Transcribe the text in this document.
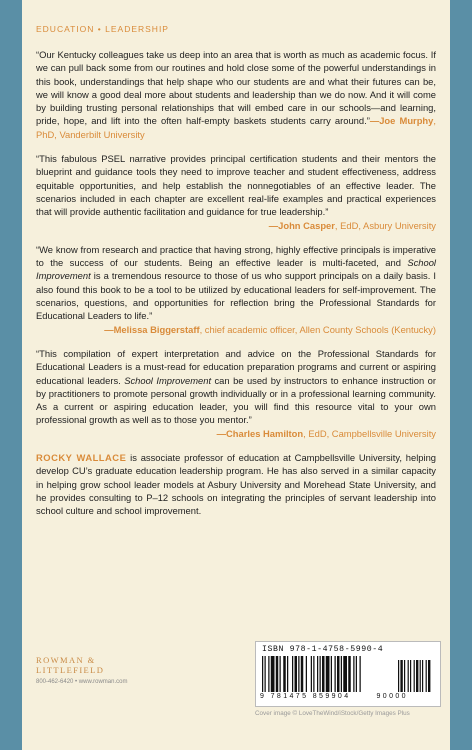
EDUCATION • LEADERSHIP

“Our Kentucky colleagues take us deep into an area that is worth as much as academic focus. If we can pull back some from our routines and hold close some of the powerful understandings in this book, understandings that help shape who our students are and what their futures can be, we will know a good deal more about students and leadership than we do now. And it will come by building trusting personal relationships that will embed care in our schools—and learning, pride, hope, and lift into the often half-empty baskets students carry around.”—Joe Murphy, PhD, Vanderbilt University

“This fabulous PSEL narrative provides principal certification students and their mentors the blueprint and guidance tools they need to improve teacher and student effectiveness, address equitable opportunities, and help establish the nonnegotiables of an effective leader. The scenarios included in each chapter are excellent real-life examples and practical experiences that will provide authentic facilitation and guidance for true leadership.”

—John Casper, EdD, Asbury University

“We know from research and practice that having strong, highly effective principals is imperative to the success of our students. Being an effective leader is multi-faceted, and School Improvement is a tremendous resource to those of us who support principals on a daily basis. I also found this book to be a tool to be utilized by educational leaders for self-improvement. The scenarios, questions, and opportunities for reflection bring the Professional Standards for Educational Leaders to life.”

—Melissa Biggerstaff, chief academic officer, Allen County Schools (Kentucky)

“This compilation of expert interpretation and advice on the Professional Standards for Educational Leaders is a must-read for education preparation programs and current or aspiring educational leaders. School Improvement can be used by instructors to enhance instruction or by practitioners to promote personal growth individually or in a professional learning community. As a current or aspiring education leader, you will find this resource vital to your own professional growth as well as to those you mentor.”

—Charles Hamilton, EdD, Campbellsville University

ROCKY WALLACE is associate professor of education at Campbellsville University, helping develop CU’s graduate education leadership program. He has also served in a similar capacity in helping grow school leader models at Asbury University and Morehead State University, and he provides consulting to P–12 schools on integrating the principles of servant leadership into school culture and school improvement.

ROWMAN &
LITTLEFIELD
800-462-6420 • www.rowman.com
ISBN 978-1-4758-5990-4
9 781475 859904	90000
Cover image © LoveTheWind/iStock/Getty Images Plus
